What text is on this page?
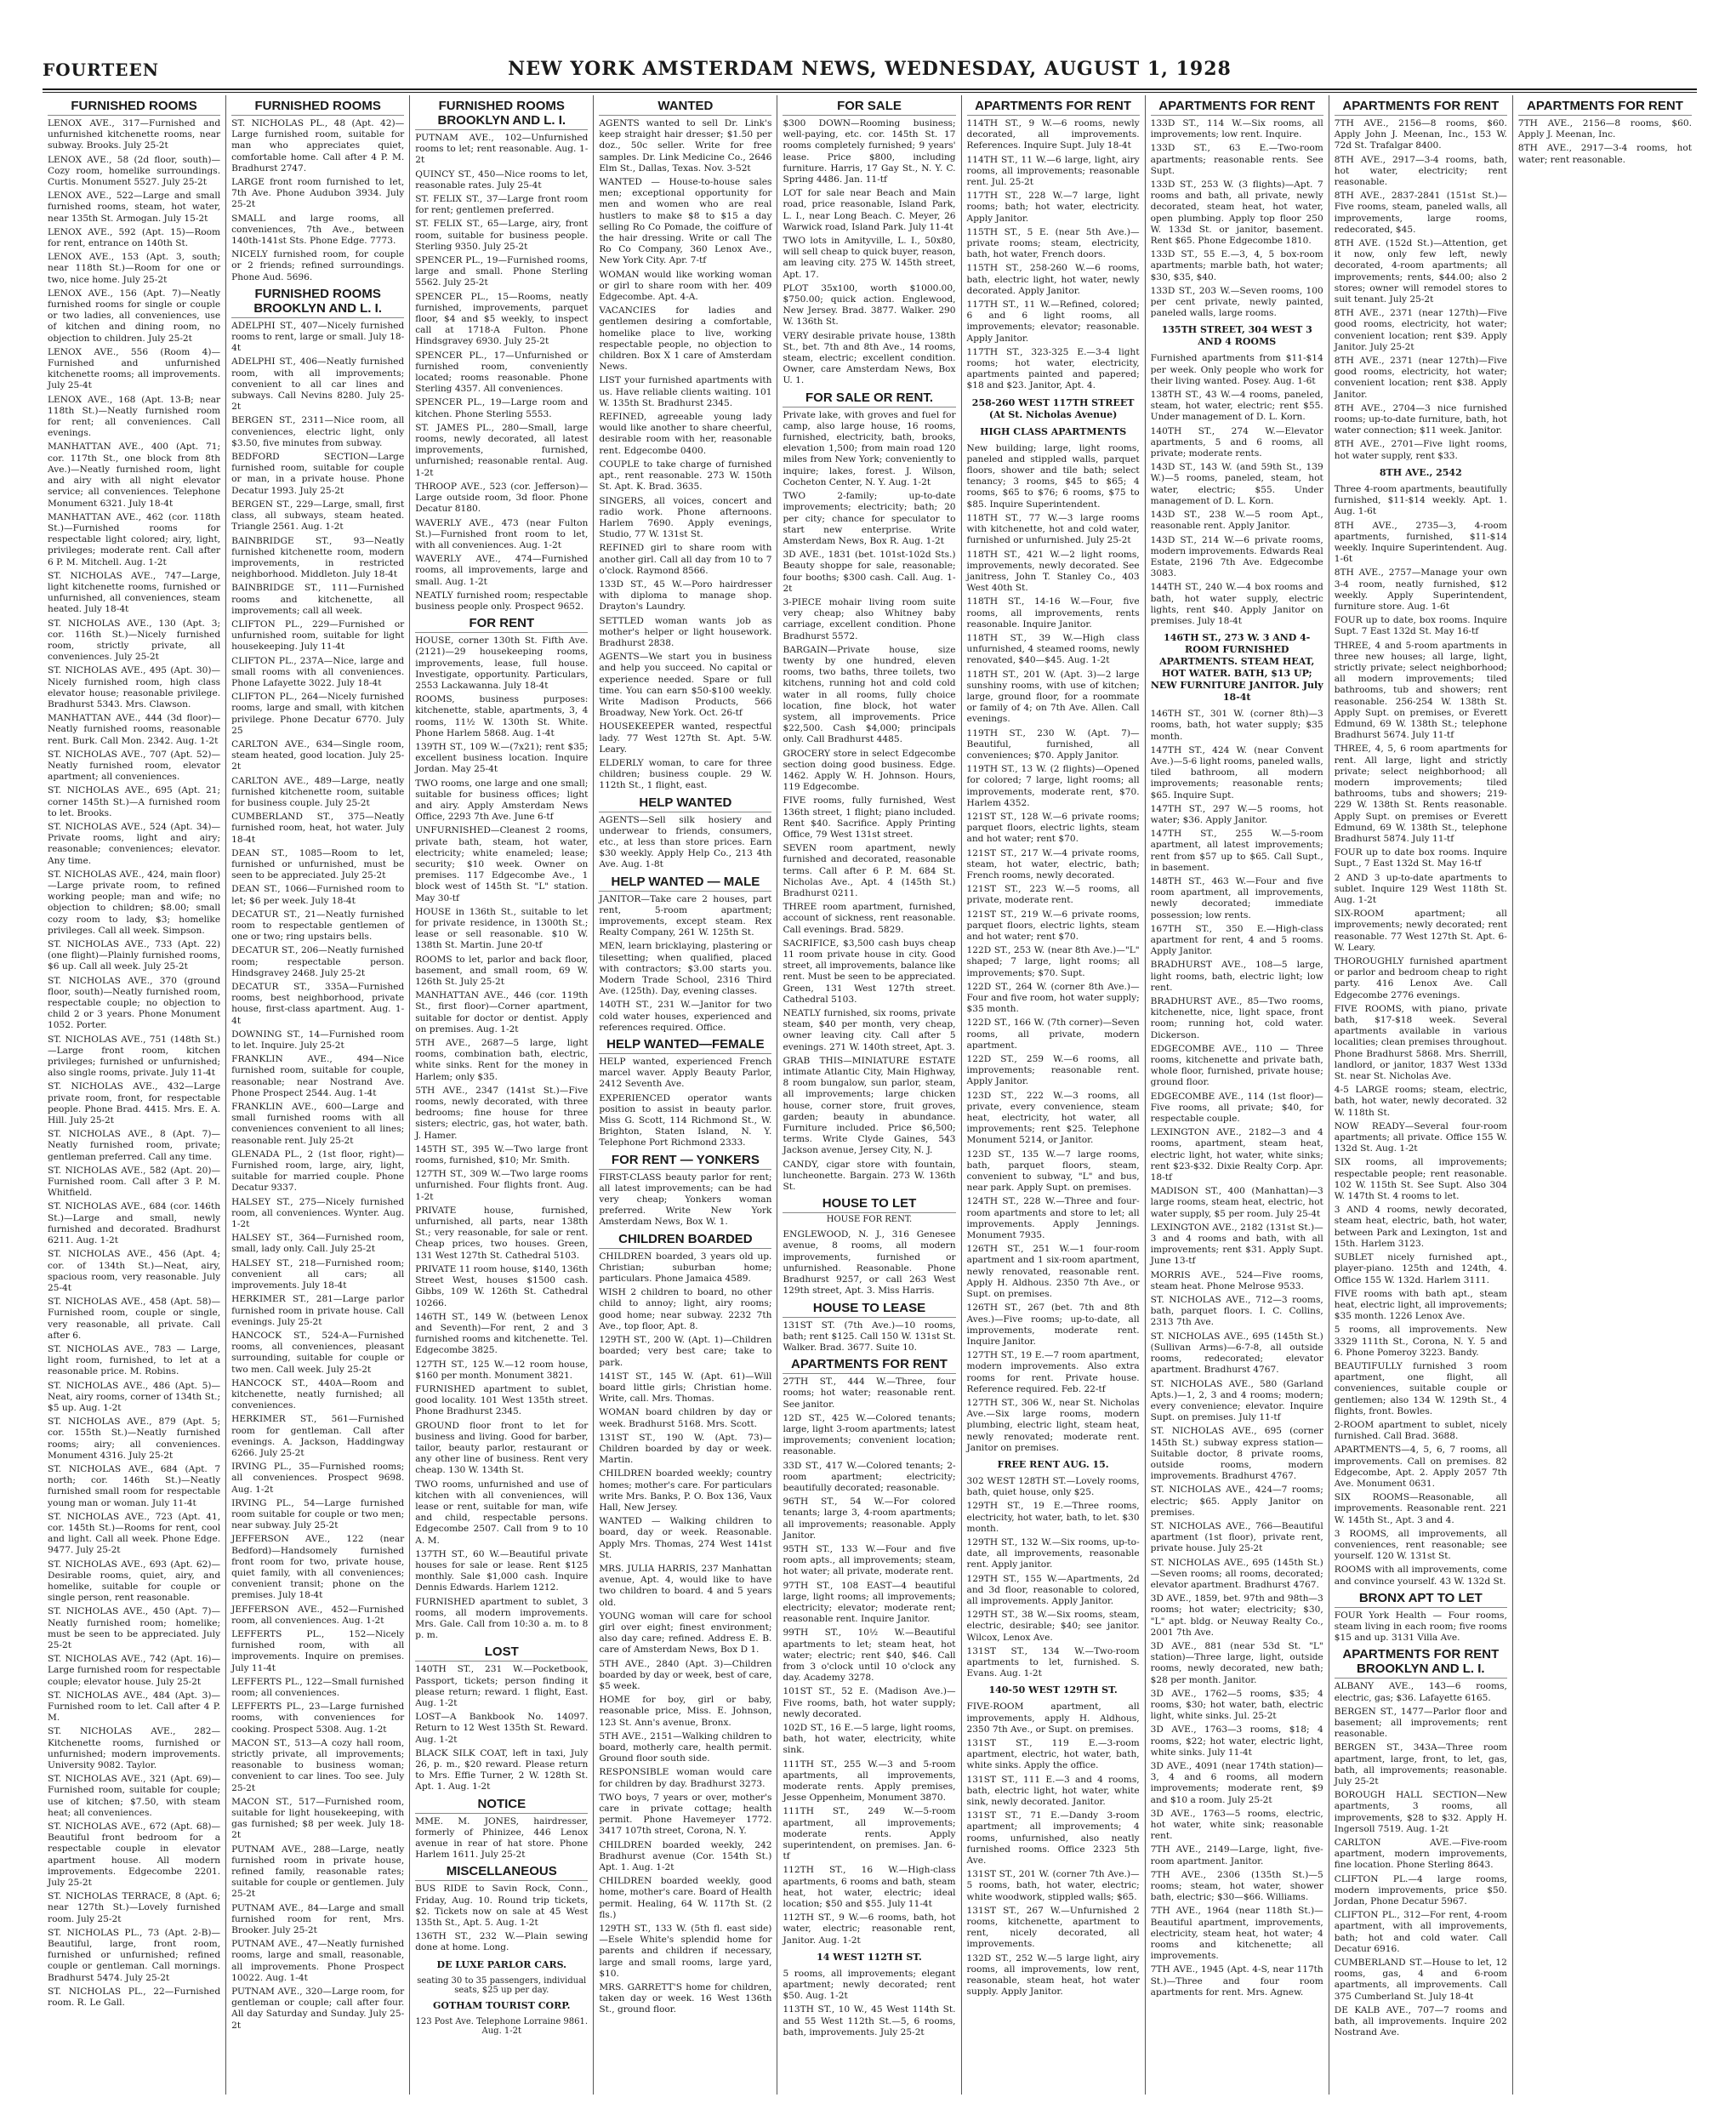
FOURTEEN	NEW YORK AMSTERDAM NEWS, WEDNESDAY, AUGUST 1, 1928
FURNISHED ROOMS
LENOX AVE., 317—Furnished and unfurnished kitchenette rooms, near subway. Brooks. July 25-2t
LENOX AVE., 58 (2d floor, south)—Cozy room, homelike surroundings. Curtis. Monument 5527. July 25-2t
LENOX AVE., 522—Large and small furnished rooms, steam, hot water, near 135th St. Armogan. July 15-2t
LENOX AVE., 592 (Apt. 15)—Room for rent, entrance on 140th St.
LENOX AVE., 153 (Apt. 3, south; near 118th St.)—Room for one or two, nice home. July 25-2t
LENOX AVE., 156 (Apt. 7)—Neatly furnished rooms for single or couple or two ladies, all conveniences, use of kitchen and dining room, no objection to children. July 25-2t
LENOX AVE., 556 (Room 4)—Furnished and unfurnished kitchenette rooms; all improvements. July 25-4t
LENOX AVE., 168 (Apt. 13-B; near 118th St.)—Neatly furnished room for rent; all conveniences. Call evenings.
MANHATTAN AVE., 400 (Apt. 71; cor. 117th St., one block from 8th Ave.)—Neatly furnished room, light and airy with all night elevator service; all conveniences. Telephone Monument 6321. July 18-4t
MANHATTAN AVE., 462 (cor. 118th St.)—Furnished rooms for respectable light colored; airy, light, privileges; moderate rent. Call after 6 P. M. Mitchell. Aug. 1-2t
ST. NICHOLAS AVE., 747—Large, light kitchenette rooms, furnished or unfurnished, all conveniences, steam heated. July 18-4t
ST. NICHOLAS AVE., 130 (Apt. 3; cor. 116th St.)—Nicely furnished room, strictly private, all conveniences. July 25-2t
ST. NICHOLAS AVE., 495 (Apt. 30)—Nicely furnished room, high class elevator house; reasonable privilege. Bradhurst 5343. Mrs. Clawson.
MANHATTAN AVE., 444 (3d floor)—Neatly furnished rooms, reasonable rent. Burk. Call Mon. 2342. Aug. 1-2t
ST. NICHOLAS AVE., 707 (Apt. 52)—Neatly furnished room, elevator apartment; all conveniences.
ST. NICHOLAS AVE., 695 (Apt. 21; corner 145th St.)—A furnished room to let. Brooks.
ST. NICHOLAS AVE., 524 (Apt. 34)—Private rooms, light and airy; reasonable; conveniences; elevator. Any time.
ST. NICHOLAS AVE., 424, main floor)—Large private room, to refined working people; man and wife; no objection to children; $8.00; small cozy room to lady, $3; homelike privileges. Call all week. Simpson.
ST. NICHOLAS AVE., 733 (Apt. 22) (one flight)—Plainly furnished rooms, $6 up. Call all week. July 25-2t
ST. NICHOLAS AVE., 370 (ground floor, south)—Neatly furnished room, respectable couple; no objection to child 2 or 3 years. Phone Monument 1052. Porter.
ST. NICHOLAS AVE., 751 (148th St.)—Large front room, kitchen privileges; furnished or unfurnished; also single rooms, private. July 11-4t
ST. NICHOLAS AVE., 432—Large private room, front, for respectable people. Phone Brad. 4415. Mrs. E. A. Hill. July 25-2t
ST. NICHOLAS AVE., 8 (Apt. 7)—Neatly furnished room, private; gentleman preferred. Call any time.
ST. NICHOLAS AVE., 582 (Apt. 20)—Furnished room. Call after 3 P. M. Whitfield.
ST. NICHOLAS AVE., 684 (cor. 146th St.)—Large and small, newly furnished and decorated. Bradhurst 6211. Aug. 1-2t
ST. NICHOLAS AVE., 456 (Apt. 4; cor. of 134th St.)—Neat, airy, spacious room, very reasonable. July 25-4t
ST. NICHOLAS AVE., 458 (Apt. 58)—Furnished room, couple or single, very reasonable, all private. Call after 6.
ST. NICHOLAS AVE., 783 — Large, light room, furnished, to let at a reasonable price. M. Robins.
ST. NICHOLAS AVE., 486 (Apt. 5)—Neat, airy rooms, corner of 134th St.; $5 up. Aug. 1-2t
ST. NICHOLAS AVE., 879 (Apt. 5; cor. 155th St.)—Neatly furnished rooms; airy; all conveniences. Monument 4316. July 25-2t
ST. NICHOLAS AVE., 684 (Apt. 7 north; cor. 146th St.)—Neatly furnished small room for respectable young man or woman. July 11-4t
ST. NICHOLAS AVE., 723 (Apt. 41, cor. 145th St.)—Rooms for rent, cool and light. Call all week. Phone Edge. 9477. July 25-2t
ST. NICHOLAS AVE., 693 (Apt. 62)—Desirable rooms, quiet, airy, and homelike, suitable for couple or single person, rent reasonable.
ST. NICHOLAS AVE., 450 (Apt. 7)—Neatly furnished room; homelike; must be seen to be appreciated. July 25-2t
ST. NICHOLAS AVE., 742 (Apt. 16)—Large furnished room for respectable couple; elevator house. July 25-2t
ST. NICHOLAS AVE., 484 (Apt. 3)—Furnished room to let. Call after 4 P. M.
ST. NICHOLAS AVE., 282—Kitchenette rooms, furnished or unfurnished; modern improvements. University 9082. Taylor.
ST. NICHOLAS AVE., 321 (Apt. 69)—Furnished room, suitable for couple; use of kitchen; $7.50, with steam heat; all conveniences.
ST. NICHOLAS AVE., 672 (Apt. 68)—Beautiful front bedroom for a respectable couple in elevator apartment house. All modern improvements. Edgecombe 2201. July 25-2t
ST. NICHOLAS TERRACE, 8 (Apt. 6; near 127th St.)—Lovely furnished room. July 25-2t
ST. NICHOLAS PL., 73 (Apt. 2-B)—Beautiful, large, front room, furnished or unfurnished; refined couple or gentleman. Call mornings. Bradhurst 5474. July 25-2t
ST. NICHOLAS PL., 22—Furnished room. R. Le Gall.
FURNISHED ROOMS
ST. NICHOLAS PL., 48 (Apt. 42)—Large furnished room, suitable for man who appreciates quiet, comfortable home. Call after 4 P. M. Bradhurst 2747.
LARGE front room furnished to let, 7th Ave. Phone Audubon 3934. July 25-2t
SMALL and large rooms, all conveniences, 7th Ave., between 140th-141st Sts. Phone Edge. 7773.
NICELY furnished room, for couple or 2 friends; refined surroundings. Phone Aud. 5696.
FURNISHED ROOMS BROOKLYN AND L. I.
ADELPHI ST., 407—Nicely furnished rooms to rent, large or small. July 18-4t
ADELPHI ST., 406—Neatly furnished room, with all improvements; convenient to all car lines and subways. Call Nevins 8280. July 25-2t
BERGEN ST., 2311—Nice room, all conveniences, electric light, only $3.50, five minutes from subway.
BEDFORD SECTION—Large furnished room, suitable for couple or man, in a private house. Phone Decatur 1993. July 25-2t
BERGEN ST., 229—Large, small, first class, all subways, steam heated. Triangle 2561. Aug. 1-2t
BAINBRIDGE ST., 93—Neatly furnished kitchenette room, modern improvements, in restricted neighborhood. Middleton. July 18-4t
BAINBRIDGE ST., 111—Furnished rooms and kitchenette, all improvements; call all week.
CLIFTON PL., 229—Furnished or unfurnished room, suitable for light housekeeping. July 11-4t
CLIFTON PL., 237A—Nice, large and small rooms with all conveniences. Phone Lafayette 3022. July 18-4t
CLIFTON PL., 264—Nicely furnished rooms, large and small, with kitchen privilege. Phone Decatur 6770. July 25
CARLTON AVE., 634—Single room, steam heated, good location. July 25-2t
CARLTON AVE., 489—Large, neatly furnished kitchenette room, suitable for business couple. July 25-2t
CUMBERLAND ST., 375—Neatly furnished room, heat, hot water. July 18-4t
DEAN ST., 1085—Room to let, furnished or unfurnished, must be seen to be appreciated. July 25-2t
DEAN ST., 1066—Furnished room to let; $6 per week. July 18-4t
DECATUR ST., 21—Neatly furnished room to respectable gentlemen of one or two; ring upstairs bells.
DECATUR ST., 206—Neatly furnished room; respectable person. Hindsgravey 2468. July 25-2t
DECATUR ST., 335A—Furnished rooms, best neighborhood, private house, first-class apartment. Aug. 1-4t
DOWNING ST., 14—Furnished room to let. Inquire. July 25-2t
FRANKLIN AVE., 494—Nice furnished room, suitable for couple, reasonable; near Nostrand Ave. Phone Prospect 2544. Aug. 1-4t
FRANKLIN AVE., 600—Large and small furnished rooms with all conveniences convenient to all lines; reasonable rent. July 25-2t
GLENADA PL., 2 (1st floor, right)—Furnished room, large, airy, light, suitable for married couple. Phone Decatur 9337.
HALSEY ST., 275—Nicely furnished room, all conveniences. Wynter. Aug. 1-2t
HALSEY ST., 364—Furnished room, small, lady only. Call. July 25-2t
HALSEY ST., 218—Furnished room; convenient all cars; all improvements. July 18-4t
HERKIMER ST., 281—Large parlor furnished room in private house. Call evenings. July 25-2t
HANCOCK ST., 524-A—Furnished rooms, all conveniences, pleasant surrounding, suitable for couple or two men. Call week. July 25-2t
HANCOCK ST., 440A—Room and kitchenette, neatly furnished; all conveniences.
HERKIMER ST., 561—Furnished room for gentleman. Call after evenings. A. Jackson, Haddingway 6266. July 25-2t
IRVING PL., 35—Furnished rooms; all conveniences. Prospect 9698. Aug. 1-2t
IRVING PL., 54—Large furnished room suitable for couple or two men; near subway. July 25-2t
JEFFERSON AVE., 122 (near Bedford)—Handsomely furnished front room for two, private house, quiet family, with all conveniences; convenient transit; phone on the premises. July 18-4t
JEFFERSON AVE., 452—Furnished room, all conveniences. Aug. 1-2t
LEFFERTS PL., 152—Nicely furnished room, with all improvements. Inquire on premises. July 11-4t
LEFFERTS PL., 122—Small furnished room; all conveniences.
LEFFERTS PL., 23—Large furnished rooms, with conveniences for cooking. Prospect 5308. Aug. 1-2t
MACON ST., 513—A cozy hall room, strictly private, all improvements; reasonable to business woman; convenient to car lines. Too see. July 25-2t
MACON ST., 517—Furnished room, suitable for light housekeeping, with gas furnished; $8 per week. July 18-2t
PUTNAM AVE., 288—Large, neatly furnished room in private house, refined family, reasonable rates; suitable for couple or gentlemen. July 25-2t
PUTNAM AVE., 84—Large and small furnished room for rent, Mrs. Brooker. July 25-2t
PUTNAM AVE., 47—Neatly furnished rooms, large and small, reasonable, all improvements. Phone Prospect 10022. Aug. 1-4t
PUTNAM AVE., 320—Large room, for gentleman or couple; call after four. All day Saturday and Sunday. July 25-2t
FURNISHED ROOMS BROOKLYN AND L. I.
PUTNAM AVE., 102—Unfurnished rooms to let; rent reasonable. Aug. 1-2t
QUINCY ST., 450—Nice rooms to let, reasonable rates. July 25-4t
ST. FELIX ST., 37—Large front room for rent; gentlemen preferred.
ST. FELIX ST., 65—Large, airy, front room, suitable for business people. Sterling 9350. July 25-2t
SPENCER PL., 19—Furnished rooms, large and small. Phone Sterling 5562. July 25-2t
SPENCER PL., 15—Rooms, neatly furnished, improvements, parquet floor, $4 and $5 weekly, to inspect call at 1718-A Fulton. Phone Hindsgravey 6930. July 25-2t
SPENCER PL., 17—Unfurnished or furnished room, conveniently located; rooms reasonable. Phone Sterling 4357. All conveniences.
SPENCER PL., 19—Large room and kitchen. Phone Sterling 5553.
ST. JAMES PL., 280—Small, large rooms, newly decorated, all latest improvements, furnished, unfurnished; reasonable rental. Aug. 1-2t
THROOP AVE., 523 (cor. Jefferson)—Large outside room, 3d floor. Phone Decatur 8180.
WAVERLY AVE., 473 (near Fulton St.)—Furnished front room to let, with all conveniences. Aug. 1-2t
WAVERLY AVE., 474—Furnished rooms, all improvements, large and small. Aug. 1-2t
NEATLY furnished room; respectable business people only. Prospect 9652.
FOR RENT
HOUSE, corner 130th St. Fifth Ave. (2121)—29 housekeeping rooms, improvements, lease, full house. Investigate, opportunity. Particulars, 2553 Lackawanna. July 18-4t
ROOMS, business purposes: kitchenette, stable, apartments, 3, 4 rooms, 11½ W. 130th St. White. Phone Harlem 5868. Aug. 1-4t
139TH ST., 109 W.—(7x21); rent $35; excellent business location. Inquire Jordan. May 25-4t
TWO rooms, one large and one small; suitable for business offices; light and airy. Apply Amsterdam News Office, 2293 7th Ave. June 6-tf
UNFURNISHED—Cleanest 2 rooms, private bath, steam, hot water, electricity; white enameled; lease; security; $10 week. Owner on premises. 117 Edgecombe Ave., 1 block west of 145th St. "L" station. May 30-tf
HOUSE in 136th St., suitable to let for private residence, in 1300th St.; lease or sell reasonable. $10 W. 138th St. Martin. June 20-tf
ROOMS to let, parlor and back floor, basement, and small room, 69 W. 126th St. July 25-2t
MANHATTAN AVE., 446 (cor. 119th St., first floor)—Corner apartment, suitable for doctor or dentist. Apply on premises. Aug. 1-2t
5TH AVE., 2687—5 large, light rooms, combination bath, electric, white sinks. Rent for the money in Harlem; only $35.
5TH AVE., 2347 (141st St.)—Five rooms, newly decorated, with three bedrooms; fine house for three sisters; electric, gas, hot water, bath. J. Hamer.
145TH ST., 395 W.—Two large front rooms, furnished, $10; Mr. Smith.
127TH ST., 309 W.—Two large rooms unfurnished. Four flights front. Aug. 1-2t
PRIVATE house, furnished, unfurnished, all parts, near 138th St.; very reasonable, for sale or rent. Cheap prices, two houses. Green, 131 West 127th St. Cathedral 5103.
PRIVATE 11 room house, $140, 136th Street West, houses $1500 cash. Gibbs, 109 W. 126th St. Cathedral 10266.
146TH ST., 149 W. (between Lenox and Seventh)—For rent, 2 and 3 furnished rooms and kitchenette. Tel. Edgecombe 3825.
127TH ST., 125 W.—12 room house, $160 per month. Monument 3821.
FURNISHED apartment to sublet, good locality. 101 West 135th street. Phone Bradhurst 2345.
GROUND floor front to let for business and living. Good for barber, tailor, beauty parlor, restaurant or any other line of business. Rent very cheap. 130 W. 134th St.
TWO rooms, unfurnished and use of kitchen with all conveniences, will lease or rent, suitable for man, wife and child, respectable persons. Edgecombe 2507. Call from 9 to 10 A. M.
137TH ST., 60 W.—Beautiful private houses for sale or lease. Rent $125 monthly. Sale $1,000 cash. Inquire Dennis Edwards. Harlem 1212.
FURNISHED apartment to sublet, 3 rooms, all modern improvements. Mrs. Gale. Call from 10:30 a. m. to 8 p. m.
LOST
140TH ST., 231 W.—Pocketbook, Passport, tickets; person finding it please return; reward. 1 flight, East. Aug. 1-2t
LOST—A Bankbook No. 14097. Return to 12 West 135th St. Reward. Aug. 1-2t
BLACK SILK COAT, left in taxi, July 26, p. m., $20 reward. Please return to Mrs. Effie Turner, 2 W. 128th St. Apt. 1. Aug. 1-2t
NOTICE
MME. M. JONES, hairdresser, formerly of Phinizee, 446 Lenox avenue in rear of hat store. Phone Harlem 1611. July 25-2t
MISCELLANEOUS
BUS RIDE to Savin Rock, Conn., Friday, Aug. 10. Round trip tickets, $2. Tickets now on sale at 45 West 135th St., Apt. 5. Aug. 1-2t
136TH ST., 232 W.—Plain sewing done at home. Long.
DE LUXE PARLOR CARS.
seating 30 to 35 passengers, individual seats, $25 up per day.
GOTHAM TOURIST CORP.
123 Post Ave. Telephone Lorraine 9861. Aug. 1-2t
WANTED
AGENTS wanted to sell Dr. Link's keep straight hair dresser; $1.50 per doz., 50c seller. Write for free samples. Dr. Link Medicine Co., 2646 Elm St., Dallas, Texas. Nov. 3-52t
WANTED — House-to-house sales men; exceptional opportunity for men and women who are real hustlers to make $8 to $15 a day selling Ro Co Pomade, the coiffure of the hair dressing. Write or call The Ro Co Company, 360 Lenox Ave., New York City. Apr. 7-tf
WOMAN would like working woman or girl to share room with her. 409 Edgecombe. Apt. 4-A.
VACANCIES for ladies and gentlemen desiring a comfortable, homelike place to live, working respectable people, no objection to children. Box X 1 care of Amsterdam News.
LIST your furnished apartments with us. Have reliable clients waiting. 101 W. 135th St. Bradhurst 2345.
REFINED, agreeable young lady would like another to share cheerful, desirable room with her, reasonable rent. Edgecombe 0400.
COUPLE to take charge of furnished apt., rent reasonable. 273 W. 150th St. Apt. K. Brad. 3635.
SINGERS, all voices, concert and radio work. Phone afternoons. Harlem 7690. Apply evenings, Studio, 77 W. 131st St.
REFINED girl to share room with another girl. Call all day from 10 to 7 o'clock. Raymond 8566.
133D ST., 45 W.—Poro hairdresser with diploma to manage shop. Drayton's Laundry.
SETTLED woman wants job as mother's helper or light housework. Bradhurst 2838.
AGENTS—We start you in business and help you succeed. No capital or experience needed. Spare or full time. You can earn $50-$100 weekly. Write Madison Products, 566 Broadway, New York. Oct. 26-tf
HOUSEKEEPER wanted, respectful lady. 77 West 127th St. Apt. 5-W. Leary.
ELDERLY woman, to care for three children; business couple. 29 W. 112th St., 1 flight, east.
HELP WANTED
AGENTS—Sell silk hosiery and underwear to friends, consumers, etc., at less than store prices. Earn $30 weekly. Apply Help Co., 213 4th Ave. Aug. 1-8t
HELP WANTED — MALE
JANITOR—Take care 2 houses, part rent, 5-room apartment; improvements, except steam. Rex Realty Company, 261 W. 125th St.
MEN, learn bricklaying, plastering or tilesetting; when qualified, placed with contractors; $3.00 starts you. Modern Trade School, 2316 Third Ave. (125th). Day, evening classes.
140TH ST., 231 W.—Janitor for two cold water houses, experienced and references required. Office.
HELP WANTED—FEMALE
HELP wanted, experienced French marcel waver. Apply Beauty Parlor, 2412 Seventh Ave.
EXPERIENCED operator wants position to assist in beauty parlor. Miss G. Scott, 114 Richmond St., W. Brighton, Staten Island, N. Y. Telephone Port Richmond 2333.
FOR RENT — YONKERS
FIRST-CLASS beauty parlor for rent; all latest improvements; can be had very cheap; Yonkers woman preferred. Write New York Amsterdam News, Box W. 1.
CHILDREN BOARDED
CHILDREN boarded, 3 years old up. Christian; suburban home; particulars. Phone Jamaica 4589.
WISH 2 children to board, no other child to annoy; light, airy rooms; good home; near subway. 2232 7th Ave., top floor, Apt. 8.
129TH ST., 200 W. (Apt. 1)—Children boarded; very best care; take to park.
141ST ST., 145 W. (Apt. 61)—Will board little girls; Christian home. Write, call. Mrs. Thomas.
WOMAN board children by day or week. Bradhurst 5168. Mrs. Scott.
131ST ST., 190 W. (Apt. 73)—Children boarded by day or week. Martin.
CHILDREN boarded weekly; country homes; mother's care. For particulars write Mrs. Banks, P. O. Box 136, Vaux Hall, New Jersey.
WANTED — Walking children to board, day or week. Reasonable. Apply Mrs. Thomas, 274 West 141st St.
MRS. JULIA HARRIS, 237 Manhattan avenue, Apt. 4, would like to have two children to board. 4 and 5 years old.
YOUNG woman will care for school girl over eight; finest environment; also day care; refined. Address E. B. care of Amsterdam News, Box D 1.
5TH AVE., 2840 (Apt. 3)—Children boarded by day or week, best of care, $5 week.
HOME for boy, girl or baby, reasonable price, Miss. E. Johnson, 123 St. Ann's avenue, Bronx.
5TH AVE., 2151—Walking children to board, motherly care, health permit. Ground floor south side.
RESPONSIBLE woman would care for children by day. Bradhurst 3273.
TWO boys, 7 years or over, mother's care in private cottage; health permit. Phone Havemeyer 1772. 3417 107th street, Corona, N. Y.
CHILDREN boarded weekly, 242 Bradhurst avenue (Cor. 154th St.) Apt. 1. Aug. 1-2t
CHILDREN boarded weekly, good home, mother's care. Board of Health permit. Healing, 64 W. 117th St. (2 fls.)
129TH ST., 133 W. (5th fl. east side)—Esele White's splendid home for parents and children if necessary, large and small rooms, large yard, $10.
MRS. GARRETT'S home for children, taken day or week. 16 West 136th St., ground floor.
FOR SALE
$300 DOWN—Rooming business; well-paying, etc. cor. 145th St. 17 rooms completely furnished; 9 years' lease. Price $800, including furniture. Harris, 17 Gay St., N. Y. C. Spring 4486. Jan. 11-tf
LOT for sale near Beach and Main road, price reasonable, Island Park, L. I., near Long Beach. C. Meyer, 26 Warwick road, Island Park. July 11-4t
TWO lots in Amityville, L. I., 50x80, will sell cheap to quick buyer, reason, am leaving city. 275 W. 145th street, Apt. 17.
PLOT 35x100, worth $1000.00, $750.00; quick action. Englewood, New Jersey. Brad. 3877. Walker. 290 W. 136th St.
VERY desirable private house, 138th St., bet. 7th and 8th Ave., 14 rooms, steam, electric; excellent condition. Owner, care Amsterdam News, Box U. 1.
FOR SALE OR RENT.
Private lake, with groves and fuel for camp, also large house, 16 rooms, furnished, electricity, bath, brooks, elevation 1,500; from main road 120 miles from New York; conveniently to inquire; lakes, forest. J. Wilson, Cocheton Center, N. Y. Aug. 1-2t
TWO 2-family; up-to-date improvements; electricity; bath; 20 per city; chance for speculator to start new enterprise. Write Amsterdam News, Box R. Aug. 1-2t
3D AVE., 1831 (bet. 101st-102d Sts.) Beauty shoppe for sale, reasonable; four booths; $300 cash. Call. Aug. 1-2t
3-PIECE mohair living room suite very cheap; also Whitney baby carriage, excellent condition. Phone Bradhurst 5572.
BARGAIN—Private house, size twenty by one hundred, eleven rooms, two baths, three toilets, two kitchens, running hot and cold cold water in all rooms, fully choice location, fine block, hot water system, all improvements. Price $22,500. Cash $4,000; principals only. Call Bradhurst 4485.
GROCERY store in select Edgecombe section doing good business. Edge. 1462. Apply W. H. Johnson. Hours, 119 Edgecombe.
FIVE rooms, fully furnished, West 136th street, 1 flight; piano included. Rent $40. Sacrifice. Apply Printing Office, 79 West 131st street.
SEVEN room apartment, newly furnished and decorated, reasonable terms. Call after 6 P. M. 684 St. Nicholas Ave., Apt. 4 (145th St.) Bradhurst 0211.
THREE room apartment, furnished, account of sickness, rent reasonable. Call evenings. Brad. 5829.
SACRIFICE, $3,500 cash buys cheap 11 room private house in city. Good street, all improvements, balance like rent. Must be seen to be appreciated. Green, 131 West 127th street. Cathedral 5103.
NEATLY furnished, six rooms, private steam, $40 per month, very cheap, owner leaving city. Call after 5 evenings. 271 W. 140th street, Apt. 3.
GRAB THIS—MINIATURE ESTATE intimate Atlantic City, Main Highway, 8 room bungalow, sun parlor, steam, all improvements; large chicken house, corner store, fruit groves, garden; beauty in abundance. Furniture included. Price $6,500; terms. Write Clyde Gaines, 543 Jackson avenue, Jersey City, N. J.
CANDY, cigar store with fountain, luncheonette. Bargain. 273 W. 136th St.
HOUSE TO LET
HOUSE FOR RENT.
ENGLEWOOD, N. J., 316 Genesee avenue, 8 rooms, all modern improvements, furnished or unfurnished. Reasonable. Phone Bradhurst 9257, or call 263 West 129th street, Apt. 3. Miss Harris.
HOUSE TO LEASE
131ST ST. (7th Ave.)—10 rooms, bath; rent $125. Call 150 W. 131st St. Walker. Brad. 3677. Suite 10.
APARTMENTS FOR RENT
27TH ST., 444 W.—Three, four rooms; hot water; reasonable rent. See janitor.
12D ST., 425 W.—Colored tenants; large, light 3-room apartments; latest improvements; convenient location; reasonable.
33D ST., 417 W.—Colored tenants; 2-room apartment; electricity; beautifully decorated; reasonable.
96TH ST., 54 W.—For colored tenants; large 3, 4-room apartments; all improvements; reasonable. Apply Janitor.
95TH ST., 133 W.—Four and five room apts., all improvements; steam, hot water; all private, moderate rent.
97TH ST., 108 EAST—4 beautiful large, light rooms; all improvements; electricity; elevator; moderate rent; reasonable rent. Inquire Janitor.
99TH ST., 10½ W.—Beautiful apartments to let; steam heat, hot water; electric; rent $40, $46. Call from 3 o'clock until 10 o'clock any day. Academy 3278.
101ST ST., 52 E. (Madison Ave.)—Five rooms, bath, hot water supply; newly decorated.
102D ST., 16 E.—5 large, light rooms, bath, hot water, electricity, white sink.
111TH ST., 255 W.—3 and 5-room apartments, all improvements, moderate rents. Apply premises, Jesse Oppenheim, Monument 3870.
111TH ST., 249 W.—5-room apartment, all improvements; moderate rents. Apply superintendent, on premises. Jan. 6-tf
112TH ST., 16 W.—High-class apartments, 6 rooms and bath, steam heat, hot water, electric; ideal location; $50 and $55. July 11-4t
112TH ST., 9 W.—6 rooms, bath, hot water, electric; reasonable rent, Janitor. Aug. 1-2t
14 WEST 112TH ST.
5 rooms, all improvements; elegant apartment; newly decorated; rent $50. Aug. 1-2t
113TH ST., 10 W., 45 West 114th St. and 55 West 112th St.—5, 6 rooms, bath, improvements. July 25-2t
APARTMENTS FOR RENT
114TH ST., 9 W.—6 rooms, newly decorated, all improvements. References. Inquire Supt. July 18-4t
114TH ST., 11 W.—6 large, light, airy rooms, all improvements; reasonable rent. Jul. 25-2t
117TH ST., 228 W.—7 large, light rooms; bath; hot water, electricity. Apply Janitor.
115TH ST., 5 E. (near 5th Ave.)—private rooms; steam, electricity, bath, hot water, French doors.
115TH ST., 258-260 W.—6 rooms, bath, electric light, hot water, newly decorated. Apply Janitor.
117TH ST., 11 W.—Refined, colored; 6 and 6 light rooms, all improvements; elevator; reasonable. Apply Janitor.
117TH ST., 323-325 E.—3-4 light rooms; hot water, electricity, apartments painted and papered; $18 and $23. Janitor, Apt. 4.
258-260 WEST 117TH STREET (At St. Nicholas Avenue)
HIGH CLASS APARTMENTS
New building; large, light rooms, paneled and stippled walls, parquet floors, shower and tile bath; select tenancy; 3 rooms, $45 to $65; 4 rooms, $65 to $76; 6 rooms, $75 to $85. Inquire Superintendent.
118TH ST., 77 W.—3 large rooms with kitchenette, hot and cold water, furnished or unfurnished. July 25-2t
118TH ST., 421 W.—2 light rooms, improvements, newly decorated. See janitress, John T. Stanley Co., 403 West 40th St.
118TH ST., 14-16 W.—Four, five rooms, all improvements, rents reasonable. Inquire Janitor.
118TH ST., 39 W.—High class unfurnished, 4 steamed rooms, newly renovated, $40—$45. Aug. 1-2t
118TH ST., 201 W. (Apt. 3)—2 large sunshiny rooms, with use of kitchen; large, ground floor, for a roommate or family of 4; on 7th Ave. Allen. Call evenings.
119TH ST., 230 W. (Apt. 7)—Beautiful, furnished, all conveniences; $70. Apply Janitor.
119TH ST., 13 W. (2 flights)—Opened for colored; 7 large, light rooms; all improvements, moderate rent, $70. Harlem 4352.
121ST ST., 128 W.—6 private rooms; parquet floors, electric lights, steam and hot water; rent $70.
121ST ST., 217 W.—4 private rooms, steam, hot water, electric, bath; French rooms, newly decorated.
121ST ST., 223 W.—5 rooms, all private, moderate rent.
121ST ST., 219 W.—6 private rooms, parquet floors, electric lights, steam and hot water; rent $70.
122D ST., 253 W. (near 8th Ave.)—"L" shaped; 7 large, light rooms; all improvements; $70. Supt.
122D ST., 264 W. (corner 8th Ave.)—Four and five room, hot water supply; $35 month.
122D ST., 166 W. (7th corner)—Seven rooms, all private, modern apartment.
122D ST., 259 W.—6 rooms, all improvements; reasonable rent. Apply Janitor.
123D ST., 222 W.—3 rooms, all private, every convenience, steam heat, electricity, hot water, all improvements; rent $25. Telephone Monument 5214, or Janitor.
123D ST., 135 W.—7 large rooms, bath, parquet floors, steam, convenient to subway, "L" and bus, near park. Apply Supt. on premises.
124TH ST., 228 W.—Three and four-room apartments and store to let; all improvements. Apply Jennings. Monument 7935.
126TH ST., 251 W.—1 four-room apartment and 1 six-room apartment, newly renovated, reasonable rent. Apply H. Aldhous. 2350 7th Ave., or Supt. on premises.
126TH ST., 267 (bet. 7th and 8th Aves.)—Five rooms; up-to-date, all improvements, moderate rent. Inquire Janitor.
127TH ST., 19 E.—7 room apartment, modern improvements. Also extra rooms for rent. Private house. Reference required. Feb. 22-tf
127TH ST., 306 W., near St. Nicholas Ave.—Six large rooms, modern plumbing, electric light, steam heat, newly renovated; moderate rent. Janitor on premises.
FREE RENT AUG. 15.
302 WEST 128TH ST.—Lovely rooms, bath, quiet house, only $25.
129TH ST., 19 E.—Three rooms, electricity, hot water, bath, to let. $30 month.
129TH ST., 132 W.—Six rooms, up-to-date, all improvements, reasonable rent. Apply janitor.
129TH ST., 155 W.—Apartments, 2d and 3d floor, reasonable to colored, all improvements. Apply Janitor.
129TH ST., 38 W.—Six rooms, steam, electric, desirable; $40; see janitor. Wilcox, Lenox Ave.
131ST ST., 134 W.—Two-room apartments to let, furnished. S. Evans. Aug. 1-2t
140-50 WEST 129TH ST.
FIVE-ROOM apartment, all improvements, apply H. Aldhous, 2350 7th Ave., or Supt. on premises.
131ST ST., 119 E.—3-room apartment, electric, hot water, bath, white sinks. Apply the office.
131ST ST., 111 E.—3 and 4 rooms, bath, electric light, hot water, white sink, newly decorated. Janitor.
131ST ST., 71 E.—Dandy 3-room apartment; all improvements; 4 rooms, unfurnished, also neatly furnished rooms. Office 2323 5th Ave.
131ST ST., 201 W. (corner 7th Ave.)—5 rooms, bath, hot water, electric; white woodwork, stippled walls; $65.
131ST ST., 267 W.—Unfurnished 2 rooms, kitchenette, apartment to rent, nicely decorated, all improvements.
132D ST., 252 W.—5 large light, airy rooms, all improvements, low rent, reasonable, steam heat, hot water supply. Apply Janitor.
APARTMENTS FOR RENT
133D ST., 114 W.—Six rooms, all improvements; low rent. Inquire.
133D ST., 63 E.—Two-room apartments; reasonable rents. See Supt.
133D ST., 253 W. (3 flights)—Apt. 7 rooms and bath, all private, newly decorated, steam heat, hot water, open plumbing. Apply top floor 250 W. 133d St. or janitor, basement. Rent $65. Phone Edgecombe 1810.
133D ST., 55 E.—3, 4, 5 box-room apartments; marble bath, hot water; $30, $35, $40.
133D ST., 203 W.—Seven rooms, 100 per cent private, newly painted, paneled walls, large rooms.
135TH STREET, 304 WEST 3 AND 4 ROOMS
Furnished apartments from $11-$14 per week. Only people who work for their living wanted. Posey. Aug. 1-6t
138TH ST., 43 W.—4 rooms, paneled, steam, hot water, electric; rent $55. Under management of D. L. Korn.
140TH ST., 274 W.—Elevator apartments, 5 and 6 rooms, all private; moderate rents.
143D ST., 143 W. (and 59th St., 139 W.)—5 rooms, paneled, steam, hot water, electric; $55. Under management of D. L. Korn.
143D ST., 238 W.—5 room Apt., reasonable rent. Apply Janitor.
143D ST., 214 W.—6 private rooms, modern improvements. Edwards Real Estate, 2196 7th Ave. Edgecombe 3083.
144TH ST., 240 W.—4 box rooms and bath, hot water supply, electric lights, rent $40. Apply Janitor on premises. July 18-4t
146TH ST., 273 W. 3 AND 4-ROOM FURNISHED APARTMENTS. STEAM HEAT, HOT WATER. BATH, $13 UP; NEW FURNITURE JANITOR. July 18-4t
146TH ST., 301 W. (corner 8th)—3 rooms, bath, hot water supply; $35 month.
147TH ST., 424 W. (near Convent Ave.)—5-6 light rooms, paneled walls, tiled bathroom, all modern improvements; reasonable rents; $65. Inquire Supt.
147TH ST., 297 W.—5 rooms, hot water; $36. Apply Janitor.
147TH ST., 255 W.—5-room apartment, all latest improvements; rent from $57 up to $65. Call Supt., in basement.
148TH ST., 463 W.—Four and five room apartment, all improvements, newly decorated; immediate possession; low rents.
167TH ST., 350 E.—High-class apartment for rent, 4 and 5 rooms. Apply Janitor.
BRADHURST AVE., 108—5 large, light rooms, bath, electric light; low rent.
BRADHURST AVE., 85—Two rooms, kitchenette, nice, light space, front room; running hot, cold water. Dickerson.
EDGECOMBE AVE., 110 — Three rooms, kitchenette and private bath, whole floor, furnished, private house; ground floor.
EDGECOMBE AVE., 114 (1st floor)—Five rooms, all private; $40, for respectable couple.
LEXINGTON AVE., 2182—3 and 4 rooms, apartment, steam heat, electric light, hot water, white sinks; rent $23-$32. Dixie Realty Corp. Apr. 18-tf
MADISON ST., 400 (Manhattan)—3 large rooms, steam heat, electric, hot water supply, $5 per room. July 25-4t
LEXINGTON AVE., 2182 (131st St.)—3 and 4 rooms and bath, with all improvements; rent $31. Apply Supt. June 13-tf
MORRIS AVE., 524—Five rooms, steam heat. Phone Melrose 9533.
ST. NICHOLAS AVE., 712—3 rooms, bath, parquet floors. I. C. Collins, 2313 7th Ave.
ST. NICHOLAS AVE., 695 (145th St.) (Sullivan Arms)—6-7-8, all outside rooms, redecorated; elevator apartment. Bradhurst 4767.
ST. NICHOLAS AVE., 580 (Garland Apts.)—1, 2, 3 and 4 rooms; modern; every convenience; elevator. Inquire Supt. on premises. July 11-tf
ST. NICHOLAS AVE., 695 (corner 145th St.) subway express station—Suitable doctor, 8 private rooms, outside rooms, modern improvements. Bradhurst 4767.
ST. NICHOLAS AVE., 424—7 rooms; electric; $65. Apply Janitor on premises.
ST. NICHOLAS AVE., 766—Beautiful apartment (1st floor), private rent, private house. July 25-2t
ST. NICHOLAS AVE., 695 (145th St.)—Seven rooms; all rooms, decorated; elevator apartment. Bradhurst 4767.
3D AVE., 1859, bet. 97th and 98th—3 rooms; hot water; electricity; $30, "L" apt. bldg. or Neuway Realty Co., 2001 7th Ave.
3D AVE., 881 (near 53d St. "L" station)—Three large, light, outside rooms, newly decorated, new bath; $28 per month. Janitor.
3D AVE., 1762—5 rooms, $35; 4 rooms, $30; hot water, bath, electric light, white sinks. Jul. 25-2t
3D AVE., 1763—3 rooms, $18; 4 rooms, $22; hot water, electric light, white sinks. July 11-4t
3D AVE., 4091 (near 174th station)—3, 4 and 6 rooms, all modern improvements; moderate rent, $9 and $10 a room. July 25-2t
3D AVE., 1763—5 rooms, electric, hot water, white sink; reasonable rent.
7TH AVE., 2149—Large, light, five-room apartment. Janitor.
7TH AVE., 2306 (135th St.)—5 rooms; steam, hot water, shower bath, electric; $30—$66. Williams.
7TH AVE., 1964 (near 118th St.)—Beautiful apartment, improvements, electricity, steam heat, hot water; 4 rooms and kitchenette; all improvements.
7TH AVE., 1945 (Apt. 4-S, near 117th St.)—Three and four room apartments for rent. Mrs. Agnew.
APARTMENTS FOR RENT
7TH AVE., 2156—8 rooms, $60. Apply John J. Meenan, Inc., 153 W. 72d St. Trafalgar 8400.
8TH AVE., 2917—3-4 rooms, bath, hot water, electricity; rent reasonable.
8TH AVE., 2837-2841 (151st St.)—Five rooms, steam, paneled walls, all improvements, large rooms, redecorated, $45.
8TH AVE. (152d St.)—Attention, get it now, only few left, newly decorated, 4-room apartments; all improvements; rents, $44.00; also 2 stores; owner will remodel stores to suit tenant. July 25-2t
8TH AVE., 2371 (near 127th)—Five good rooms, electricity, hot water; convenient location; rent $39. Apply Janitor. July 25-2t
8TH AVE., 2371 (near 127th)—Five good rooms, electricity, hot water; convenient location; rent $38. Apply Janitor.
8TH AVE., 2704—3 nice furnished rooms; up-to-date furniture, bath, hot water connection; $11 week. Janitor.
8TH AVE., 2701—Five light rooms, hot water supply, rent $33.
8TH AVE., 2542
Three 4-room apartments, beautifully furnished, $11-$14 weekly. Apt. 1. Aug. 1-6t
8TH AVE., 2735—3, 4-room apartments, furnished, $11-$14 weekly. Inquire Superintendent. Aug. 1-6t
8TH AVE., 2757—Manage your own 3-4 room, neatly furnished, $12 weekly. Apply Superintendent, furniture store. Aug. 1-6t
FOUR up to date, box rooms. Inquire Supt. 7 East 132d St. May 16-tf
THREE, 4 and 5-room apartments in three new houses; all large, light, strictly private; select neighborhood; all modern improvements; tiled bathrooms, tub and showers; rent reasonable. 256-254 W. 138th St. Apply Supt. on premises, or Everett Edmund, 69 W. 138th St.; telephone Bradhurst 5674. July 11-tf
THREE, 4, 5, 6 room apartments for rent. All large, light and strictly private; select neighborhood; all modern improvements; tiled bathrooms, tubs and showers; 219-229 W. 138th St. Rents reasonable. Apply Supt. on premises or Everett Edmund, 69 W. 138th St., telephone Bradhurst 5874. July 11-tf
FOUR up to date box rooms. Inquire Supt., 7 East 132d St. May 16-tf
2 AND 3 up-to-date apartments to sublet. Inquire 129 West 118th St. Aug. 1-2t
SIX-ROOM apartment; all improvements; newly decorated; rent reasonable. 77 West 127th St. Apt. 6-W. Leary.
THOROUGHLY furnished apartment or parlor and bedroom cheap to right party. 416 Lenox Ave. Call Edgecombe 2776 evenings.
FIVE ROOMS, with piano, private bath, $17-$18 week. Several apartments available in various localities; clean premises throughout. Phone Bradhurst 5868. Mrs. Sherrill, landlord, or janitor, 1837 West 133d St. near St. Nicholas Ave.
4-5 LARGE rooms; steam, electric, bath, hot water, newly decorated. 32 W. 118th St.
NOW READY—Several four-room apartments; all private. Office 155 W. 132d St. Aug. 1-2t
SIX rooms, all improvements; respectable people; rent reasonable. 102 W. 115th St. See Supt. Also 304 W. 147th St. 4 rooms to let.
3 AND 4 rooms, newly decorated, steam heat, electric, bath, hot water, between Park and Lexington, 1st and 15th. Harlem 3123.
SUBLET nicely furnished apt., player-piano. 125th and 124th, 4. Office 155 W. 132d. Harlem 3111.
FIVE rooms with bath apt., steam heat, electric light, all improvements; $35 month. 1226 Lenox Ave.
5 rooms, all improvements. New 3329 111th St., Corona, N. Y. 5 and 6. Phone Pomeroy 3223. Bandy.
BEAUTIFULLY furnished 3 room apartment, one flight, all conveniences, suitable couple or gentlemen; also 134 W. 129th St., 4 flights, front. Bowles.
2-ROOM apartment to sublet, nicely furnished. Call Brad. 3688.
APARTMENTS—4, 5, 6, 7 rooms, all improvements. Call on premises. 82 Edgecombe, Apt. 2. Apply 2057 7th Ave. Monument 0631.
SIX ROOMS—Reasonable, all improvements. Reasonable rent. 221 W. 145th St., Apt. 3 and 4.
3 ROOMS, all improvements, all conveniences, rent reasonable; see yourself. 120 W. 131st St.
ROOMS with all improvements, come and convince yourself. 43 W. 132d St.
BRONX APT TO LET
FOUR York Health — Four rooms, steam living in each room; five rooms $15 and up. 3131 Villa Ave.
APARTMENTS FOR RENT BROOKLYN AND L. I.
ALBANY AVE., 143—6 rooms, electric, gas; $36. Lafayette 6165.
BERGEN ST., 1477—Parlor floor and basement; all improvements; rent reasonable.
BERGEN ST., 343A—Three room apartment, large, front, to let, gas, bath, all improvements; reasonable. July 25-2t
BOROUGH HALL SECTION—New apartments, 3 rooms, all improvements, $28 to $32. Apply H. Ingersoll 7519. Aug. 1-2t
CARLTON AVE.—Five-room apartment, modern improvements, fine location. Phone Sterling 8643.
CLIFTON PL.—4 large rooms, modern improvements, price $50. Jordan, Phone Decatur 5967.
CLIFTON PL., 312—For rent, 4-room apartment, with all improvements, bath; hot and cold water. Call Decatur 6916.
CUMBERLAND ST.—House to let, 12 rooms, gas, 4 and 6-room apartments, all improvements. Call 375 Cumberland St. July 18-4t
DE KALB AVE., 707—7 rooms and bath, all improvements. Inquire 202 Nostrand Ave.
APARTMENTS FOR RENT
7TH AVE., 2156—8 rooms, $60. Apply J. Meenan, Inc.
8TH AVE., 2917—3-4 rooms, hot water; rent reasonable.
